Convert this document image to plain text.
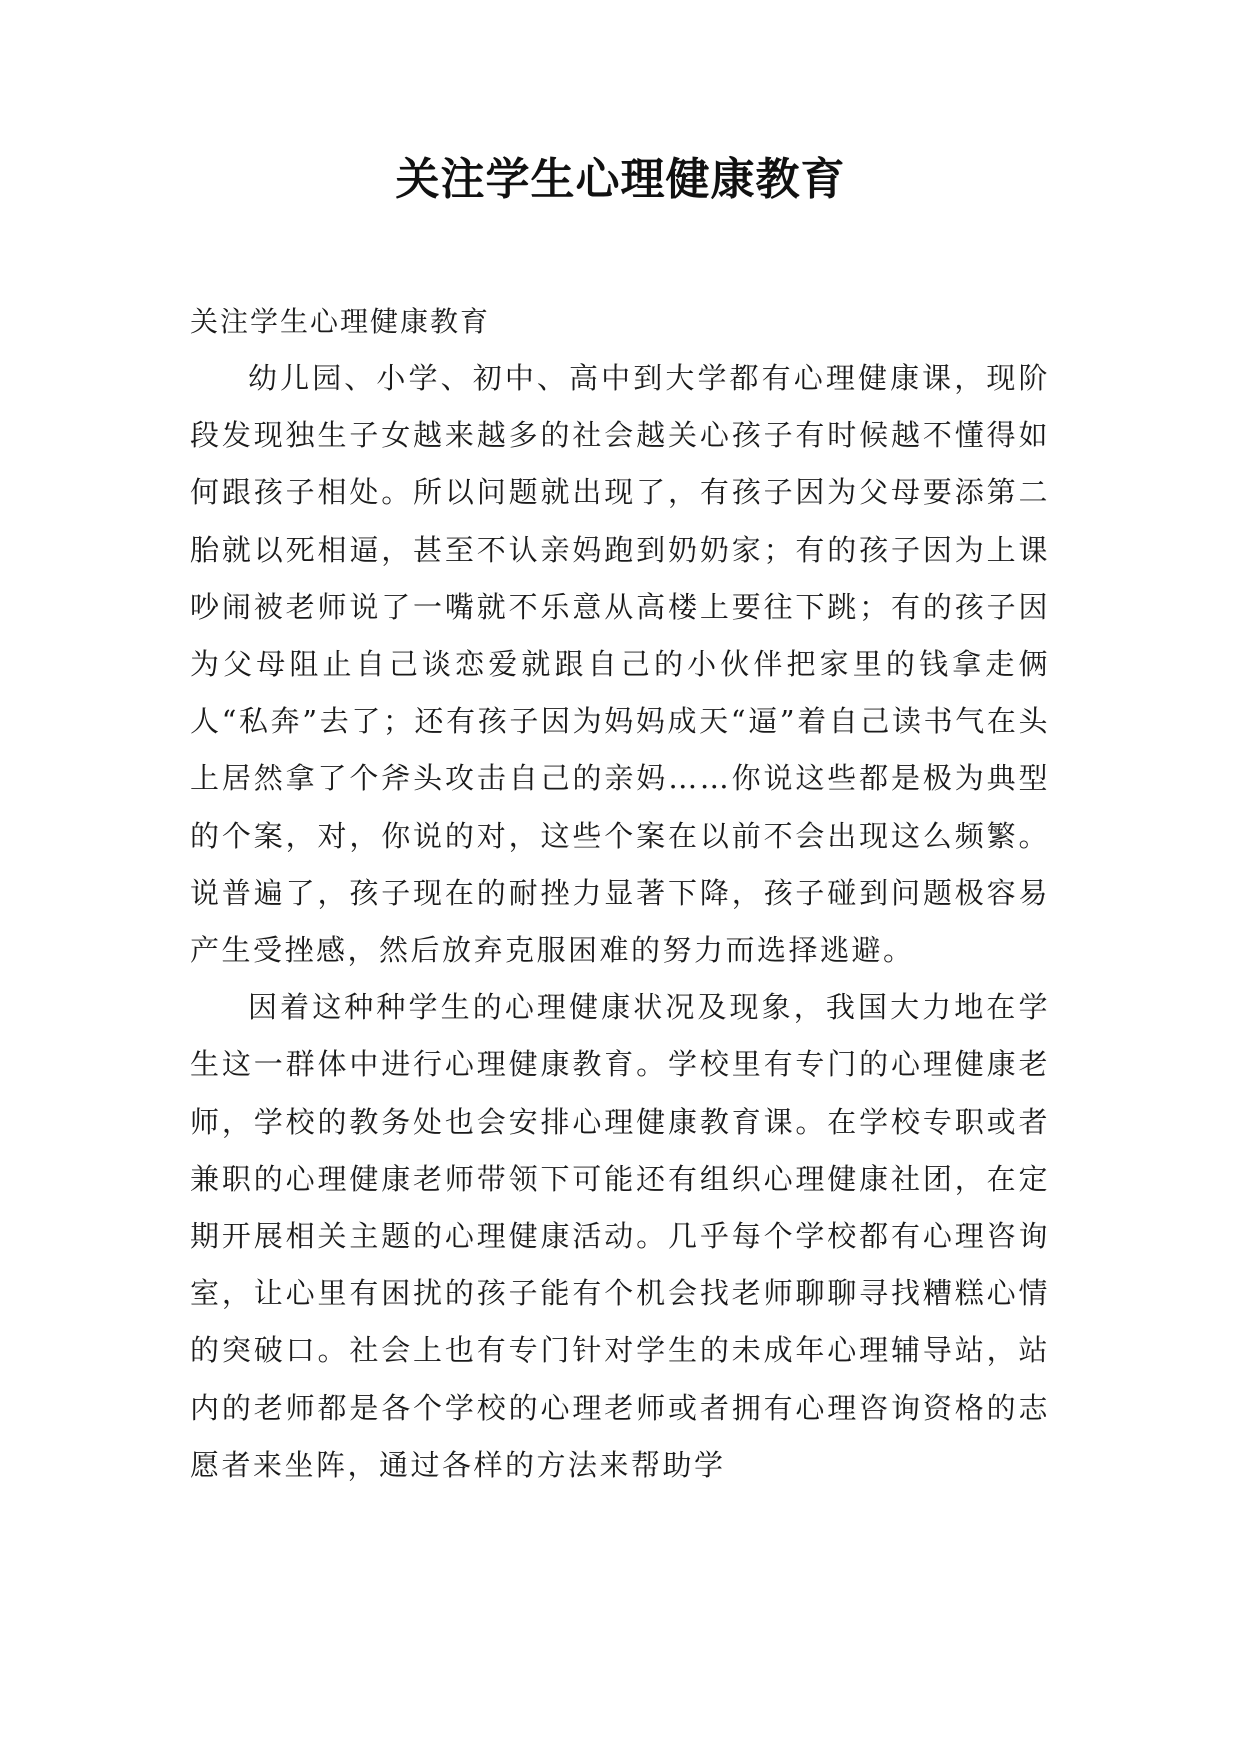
关注学生心理健康教育

关注学生心理健康教育

幼儿园、小学、初中、高中到大学都有心理健康课，现阶段发现独生子女越来越多的社会越关心孩子有时候越不懂得如何跟孩子相处。所以问题就出现了，有孩子因为父母要添第二胎就以死相逼，甚至不认亲妈跑到奶奶家；有的孩子因为上课吵闹被老师说了一嘴就不乐意从高楼上要往下跳；有的孩子因为父母阻止自己谈恋爱就跟自己的小伙伴把家里的钱拿走俩人“私奔”去了；还有孩子因为妈妈成天“逼”着自己读书气在头上居然拿了个斧头攻击自己的亲妈……你说这些都是极为典型的个案，对，你说的对，这些个案在以前不会出现这么频繁。说普遍了，孩子现在的耐挫力显著下降，孩子碰到问题极容易产生受挫感，然后放弃克服困难的努力而选择逃避。

因着这种种学生的心理健康状况及现象，我国大力地在学生这一群体中进行心理健康教育。学校里有专门的心理健康老师，学校的教务处也会安排心理健康教育课。在学校专职或者兼职的心理健康老师带领下可能还有组织心理健康社团，在定期开展相关主题的心理健康活动。几乎每个学校都有心理咨询室，让心里有困扰的孩子能有个机会找老师聊聊寻找糟糕心情的突破口。社会上也有专门针对学生的未成年心理辅导站，站内的老师都是各个学校的心理老师或者拥有心理咨询资格的志愿者来坐阵，通过各样的方法来帮助学
